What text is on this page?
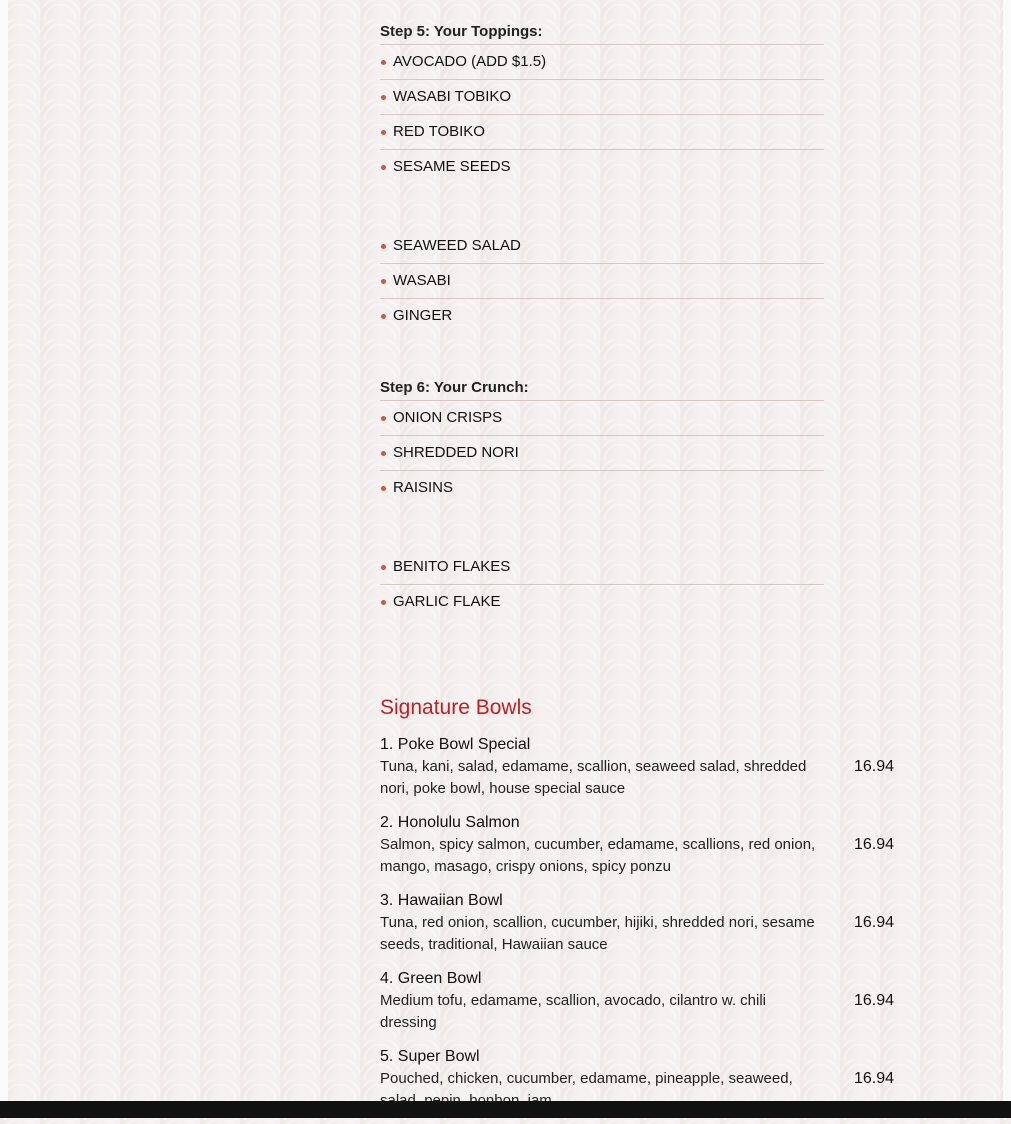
Step 5: Your Toppings:
AVOCADO (ADD $1.5)
WASABI TOBIKO
RED TOBIKO
SESAME SEEDS
SEAWEED SALAD
WASABI
GINGER
Step 6: Your Crunch:
ONION CRISPS
SHREDDED NORI
RAISINS
BENITO FLAKES
GARLIC FLAKE
Signature Bowls

1. Poke Bowl Special

Tuna, kani, salad, edamame, scallion, seaweed salad, shredded nori, poke bowl, house special sauce

16.94

2. Honolulu Salmon

Salmon, spicy salmon, cucumber, edamame, scallions, red onion, mango, masago, crispy onions, spicy ponzu

16.94

3. Hawaiian Bowl

Tuna, red onion, scallion, cucumber, hijiki, shredded nori, sesame seeds, traditional, Hawaiian sauce

16.94

4. Green Bowl

Medium tofu, edamame, scallion, avocado, cilantro w. chili dressing

16.94

5. Super Bowl

Pouched, chicken, cucumber, edamame, pineapple, seaweed,	16.94
